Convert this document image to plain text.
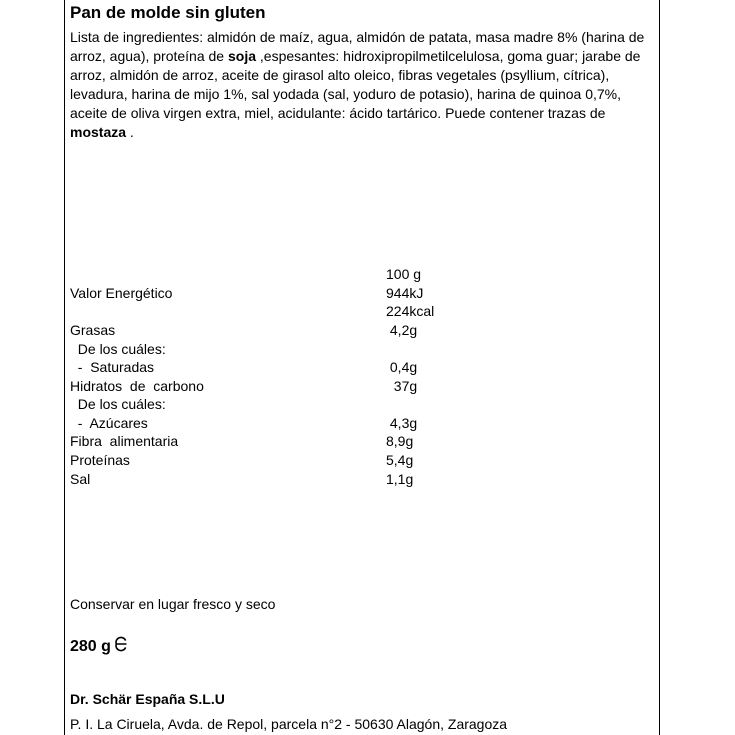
Pan de molde sin gluten
Lista de ingredientes: almidón de maíz, agua, almidón de patata, masa madre 8% (harina de arroz, agua), proteína de soja ,espesantes: hidroxipropilmetilcelulosa, goma guar; jarabe de arroz, almidón de arroz, aceite de girasol alto oleico, fibras vegetales (psyllium, cítrica), levadura, harina de mijo 1%, sal yodada (sal, yoduro de potasio), harina de quinoa 0,7%, aceite de oliva virgen extra, miel, acidulante: ácido tartárico. Puede contener trazas de mostaza .
100 g
Valor Energético	944kJ
224kcal
Grasas	4,2g
De los cuáles:
-  Saturadas	0,4g
Hidratos  de  carbono	37g
De los cuáles:
-  Azúcares	4,3g
Fibra  alimentaria	8,9g
Proteínas	5,4g
Sal	1,1g
Conservar en lugar fresco y seco
280 g
Dr. Schär España S.L.U
P. I. La Ciruela, Avda. de Repol, parcela n°2 - 50630 Alagón, Zaragoza
